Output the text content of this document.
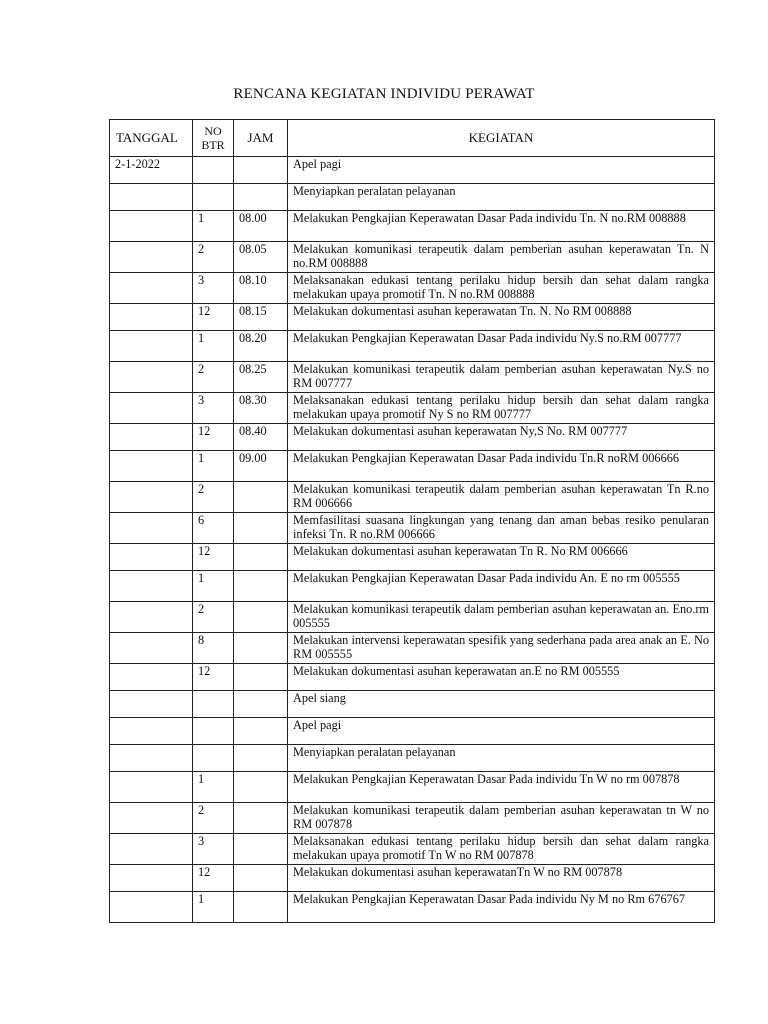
RENCANA KEGIATAN INDIVIDU PERAWAT
TANGGAL	NO BTR	JAM	KEGIATAN
2-1-2022			Apel pagi
			Menyiapkan peralatan pelayanan
	1	08.00	Melakukan Pengkajian Keperawatan Dasar Pada individu Tn. N no.RM 008888
	2	08.05	Melakukan komunikasi terapeutik dalam pemberian asuhan keperawatan Tn. N no.RM 008888
	3	08.10	Melaksanakan edukasi tentang perilaku hidup bersih dan sehat dalam rangka melakukan upaya promotif Tn. N no.RM 008888
	12	08.15	Melakukan dokumentasi asuhan keperawatan Tn. N. No RM 008888
	1	08.20	Melakukan Pengkajian Keperawatan Dasar Pada individu Ny.S no.RM 007777
	2	08.25	Melakukan komunikasi terapeutik dalam pemberian asuhan keperawatan Ny.S no RM 007777
	3	08.30	Melaksanakan edukasi tentang perilaku hidup bersih dan sehat dalam rangka melakukan upaya promotif Ny S no RM 007777
	12	08.40	Melakukan dokumentasi asuhan keperawatan Ny,S No. RM 007777
	1	09.00	Melakukan Pengkajian Keperawatan Dasar Pada individu Tn.R noRM 006666
	2		Melakukan komunikasi terapeutik dalam pemberian asuhan keperawatan Tn R.no RM 006666
	6		Memfasilitasi suasana lingkungan yang tenang dan aman bebas resiko penularan infeksi Tn. R no.RM 006666
	12		Melakukan dokumentasi asuhan keperawatan Tn R. No RM 006666
	1		Melakukan Pengkajian Keperawatan Dasar Pada individu An. E no rm 005555
	2		Melakukan komunikasi terapeutik dalam pemberian asuhan keperawatan an. Eno.rm 005555
	8		Melakukan intervensi keperawatan spesifik yang sederhana pada area anak an E. No RM 005555
	12		Melakukan dokumentasi asuhan keperawatan an.E no RM 005555
			Apel siang
			Apel pagi
			Menyiapkan peralatan pelayanan
	1		Melakukan Pengkajian Keperawatan Dasar Pada individu Tn W no rm 007878
	2		Melakukan komunikasi terapeutik dalam pemberian asuhan keperawatan tn W no RM 007878
	3		Melaksanakan edukasi tentang perilaku hidup bersih dan sehat dalam rangka melakukan upaya promotif Tn W no RM 007878
	12		Melakukan dokumentasi asuhan keperawatanTn W no RM 007878
	1		Melakukan Pengkajian Keperawatan Dasar Pada individu Ny M no Rm 676767
